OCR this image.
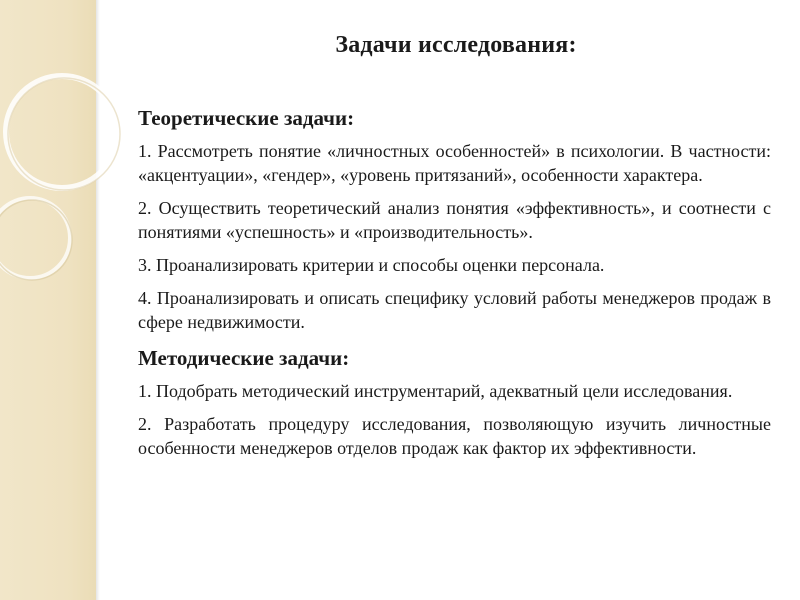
Задачи исследования:
Теоретические задачи:

1. Рассмотреть понятие «личностных особенностей» в психологии. В частности: «акцентуации», «гендер», «уровень притязаний», особенности характера.

2. Осуществить теоретический анализ понятия «эффективность», и соотнести с понятиями «успешность» и «производительность».

3. Проанализировать критерии и способы оценки персонала.

4. Проанализировать и описать специфику условий работы менеджеров продаж в сфере недвижимости.

Методические задачи:

1. Подобрать методический инструментарий, адекватный цели исследования.

2. Разработать процедуру исследования, позволяющую изучить личностные особенности менеджеров отделов продаж как фактор их эффективности.
